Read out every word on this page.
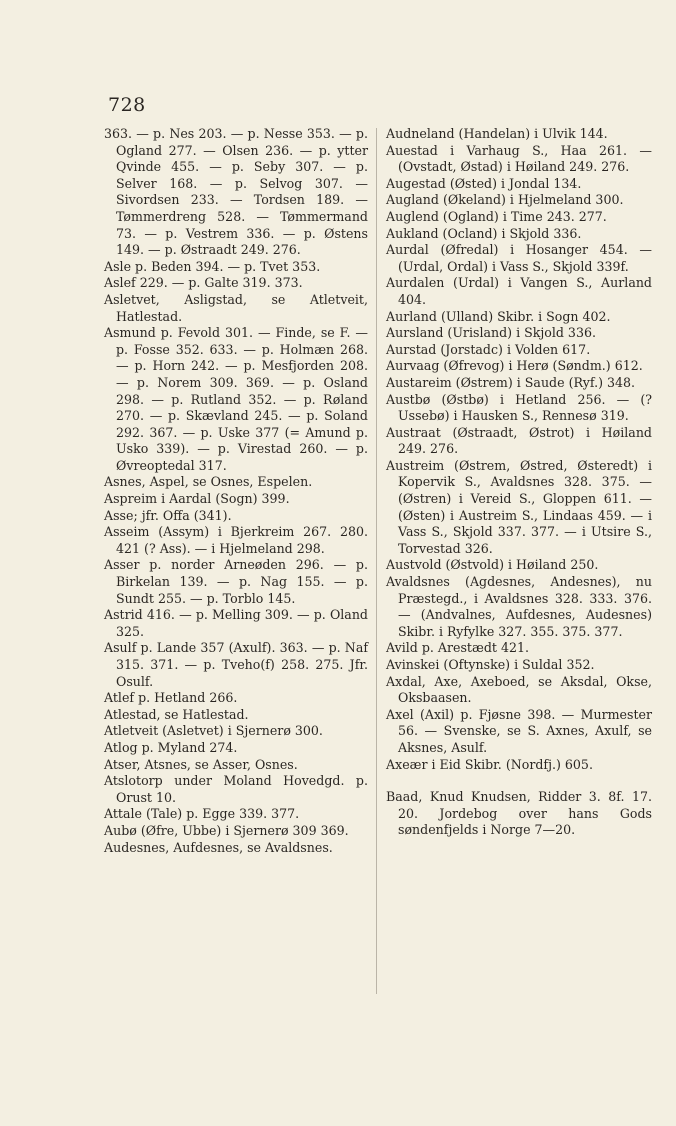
728

363. — p. Nes 203. — p. Nesse 353. — p. Ogland 277. — Olsen 236. — p. ytter Qvinde 455. — p. Seby 307. — p. Selver 168. — p. Selvog 307. — Sivordsen 233. — Tordsen 189. — Tømmerdreng 528. — Tømmermand 73. — p. Vestrem 336. — p. Østens 149. — p. Østraadt 249. 276.

Asle p. Beden 394. — p. Tvet 353.

Aslef 229. — p. Galte 319. 373.

Asletvet, Asligstad, se Atletveit, Hatlestad.

Asmund p. Fevold 301. — Finde, se F. — p. Fosse 352. 633. — p. Holmæn 268. — p. Horn 242. — p. Mesfjorden 208. — p. Norem 309. 369. — p. Osland 298. — p. Rutland 352. — p. Røland 270. — p. Skævland 245. — p. Soland 292. 367. — p. Uske 377 (= Amund p. Usko 339). — p. Virestad 260. — p. Øvreoptedal 317.

Asnes, Aspel, se Osnes, Espelen.

Aspreim i Aardal (Sogn) 399.

Asse; jfr. Offa (341).

Asseim (Assym) i Bjerkreim 267. 280. 421 (? Ass). — i Hjelmeland 298.

Asser p. norder Arneøden 296. — p. Birkelan 139. — p. Nag 155. — p. Sundt 255. — p. Torblo 145.

Astrid 416. — p. Melling 309. — p. Oland 325.

Asulf p. Lande 357 (Axulf). 363. — p. Naf 315. 371. — p. Tveho(f) 258. 275. Jfr. Osulf.

Atlef p. Hetland 266.

Atlestad, se Hatlestad.

Atletveit (Asletvet) i Sjernerø 300.

Atlog p. Myland 274.

Atser, Atsnes, se Asser, Osnes.

Atslotorp under Moland Hovedgd. p. Orust 10.

Attale (Tale) p. Egge 339. 377.

Aubø (Øfre, Ubbe) i Sjernerø 309 369.

Audesnes, Aufdesnes, se Avaldsnes.

Audneland (Handelan) i Ulvik 144.

Auestad i Varhaug S., Haa 261. — (Ovstadt, Østad) i Høiland 249. 276.

Augestad (Østed) i Jondal 134.

Augland (Økeland) i Hjelmeland 300.

Auglend (Ogland) i Time 243. 277.

Aukland (Ocland) i Skjold 336.

Aurdal (Øfredal) i Hosanger 454. — (Urdal, Ordal) i Vass S., Skjold 339f.

Aurdalen (Urdal) i Vangen S., Aurland 404.

Aurland (Ulland) Skibr. i Sogn 402.

Aursland (Urisland) i Skjold 336.

Aurstad (Jorstadc) i Volden 617.

Aurvaag (Øfrevog) i Herø (Søndm.) 612.

Austareim (Østrem) i Saude (Ryf.) 348.

Austbø (Østbø) i Hetland 256. — (? Ussebø) i Hausken S., Rennesø 319.

Austraat (Østraadt, Østrot) i Høiland 249. 276.

Austreim (Østrem, Østred, Østeredt) i Kopervik S., Avaldsnes 328. 375. — (Østren) i Vereid S., Gloppen 611. — (Østen) i Austreim S., Lindaas 459. — i Vass S., Skjold 337. 377. — i Utsire S., Torvestad 326.

Austvold (Østvold) i Høiland 250.

Avaldsnes (Agdesnes, Andesnes), nu Præstegd., i Avaldsnes 328. 333. 376. — (Andvalnes, Aufdesnes, Audesnes) Skibr. i Ryfylke 327. 355. 375. 377.

Avild p. Arestædt 421.

Avinskei (Oftynske) i Suldal 352.

Axdal, Axe, Axeboed, se Aksdal, Okse, Oksbaasen.

Axel (Axil) p. Fjøsne 398. — Murmester 56. — Svenske, se S. Axnes, Axulf, se Aksnes, Asulf.

Axeær i Eid Skibr. (Nordfj.) 605.

Baad, Knud Knudsen, Ridder 3. 8f. 17. 20. Jordebog over hans Gods søndenfjelds i Norge 7—20.
